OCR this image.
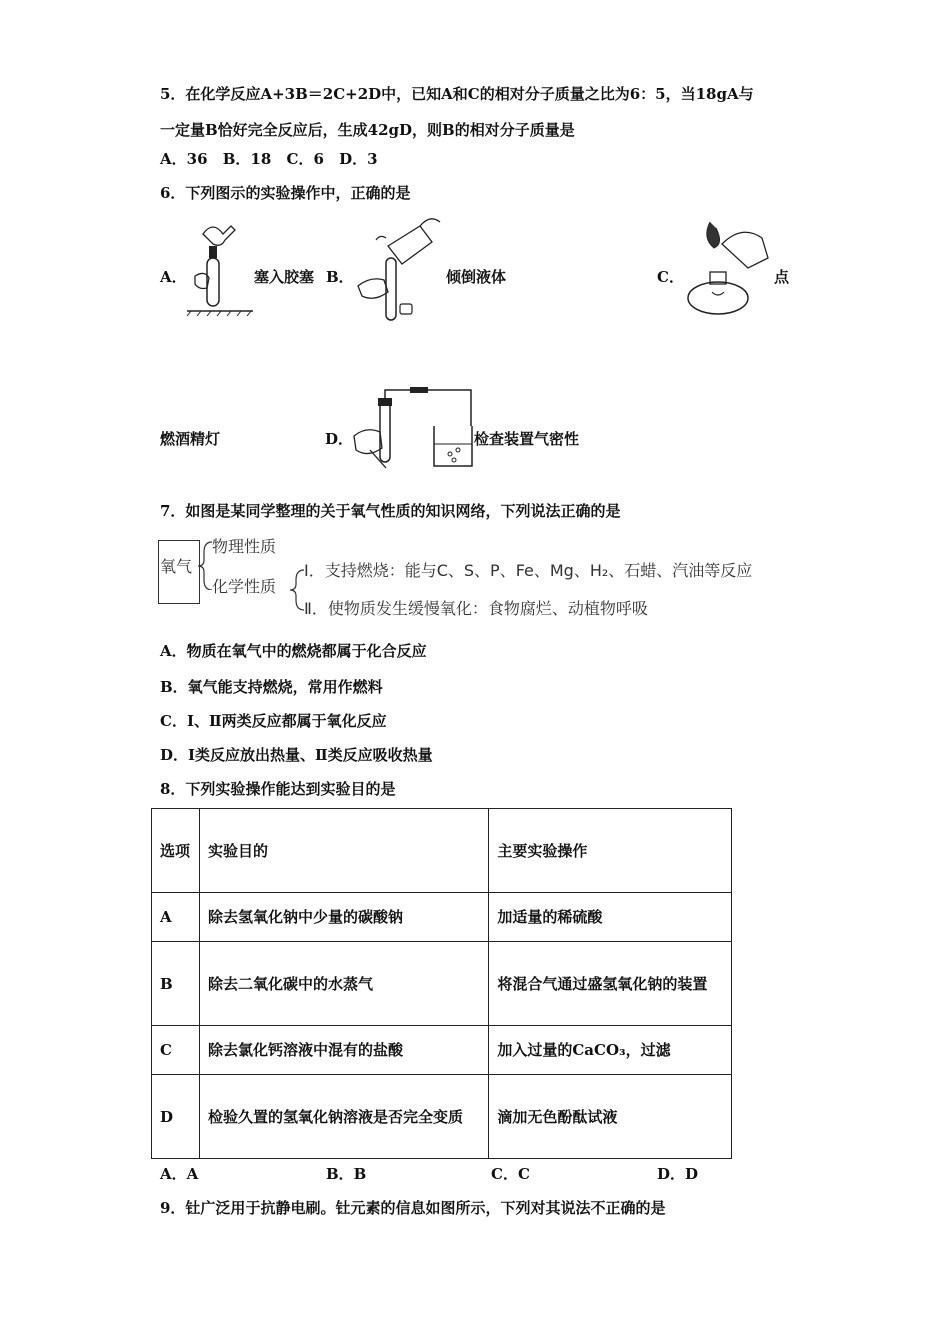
5．在化学反应A+3B＝2C+2D中，已知A和C的相对分子质量之比为6：5，当18gA与
一定量B恰好完全反应后，生成42gD，则B的相对分子质量是
A．36 B．18 C．6 D．3
6．下列图示的实验操作中，正确的是
A．	塞入胶塞 B．	倾倒液体	C．	点
燃酒精灯	D．	检查装置气密性
7．如图是某同学整理的关于氧气性质的知识网络，下列说法正确的是
氧气
物理性质
化学性质
Ⅰ．支持燃烧：能与C、S、P、Fe、Mg、H₂、石蜡、汽油等反应
Ⅱ．使物质发生缓慢氧化：食物腐烂、动植物呼吸
A．物质在氧气中的燃烧都属于化合反应
B．氧气能支持燃烧，常用作燃料
C．Ⅰ、Ⅱ两类反应都属于氧化反应
D．Ⅰ类反应放出热量、Ⅱ类反应吸收热量
8．下列实验操作能达到实验目的是
选项	实验目的	主要实验操作
A	除去氢氧化钠中少量的碳酸钠	加适量的稀硫酸
B	除去二氧化碳中的水蒸气	将混合气通过盛氢氧化钠的装置
C	除去氯化钙溶液中混有的盐酸	加入过量的CaCO₃，过滤
D	检验久置的氢氧化钠溶液是否完全变质	滴加无色酚酞试液
A．A	B．B	C．C	D．D
9．钍广泛用于抗静电刷。钍元素的信息如图所示，下列对其说法不正确的是
